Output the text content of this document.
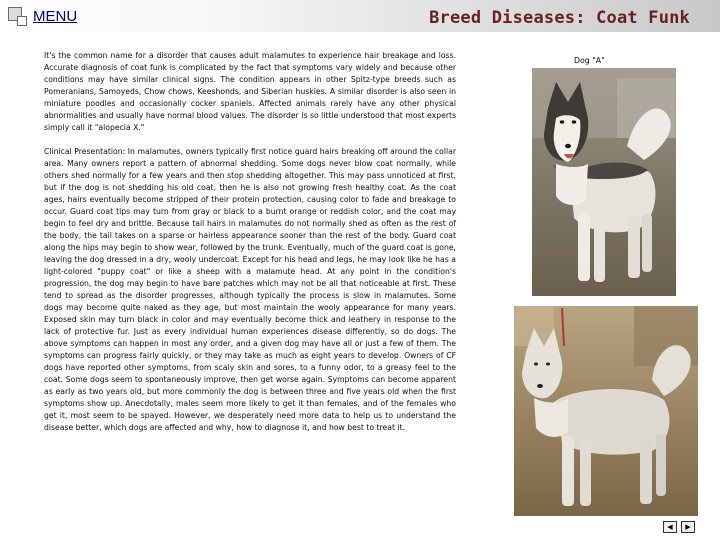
MENU	Breed Diseases: Coat Funk

It's the common name for a disorder that causes adult malamutes to experience hair breakage and loss. Accurate diagnosis of coat funk is complicated by the fact that symptoms vary widely and because other conditions may have similar clinical signs. The condition appears in other Spitz-type breeds such as Pomeranians, Samoyeds, Chow chows, Keeshonds, and Siberian huskies. A similar disorder is also seen in miniature poodles and occasionally cocker spaniels. Affected animals rarely have any other physical abnormalities and usually have normal blood values. The disorder is so little understood that most experts simply call it "alopecia X."

Clinical Presentation: In malamutes, owners typically first notice guard hairs breaking off around the collar area. Many owners report a pattern of abnormal shedding. Some dogs never blow coat normally, while others shed normally for a few years and then stop shedding altogether. This may pass unnoticed at first, but if the dog is not shedding his old coat, then he is also not growing fresh healthy coat. As the coat ages, hairs eventually become stripped of their protein protection, causing color to fade and breakage to occur. Guard coat tips may turn from gray or black to a burnt orange or reddish color, and the coat may begin to feel dry and brittle. Because tail hairs in malamutes do not normally shed as often as the rest of the body, the tail takes on a sparse or hairless appearance sooner than the rest of the body. Guard coat along the hips may begin to show wear, followed by the trunk. Eventually, much of the guard coat is gone, leaving the dog dressed in a dry, wooly undercoat. Except for his head and legs, he may look like he has a light-colored "puppy coat" or like a sheep with a malamute head. At any point in the condition's progression, the dog may begin to have bare patches which may not be all that noticeable at first. These tend to spread as the disorder progresses, although typically the process is slow in malamutes. Some dogs may become quite naked as they age, but most maintain the wooly appearance for many years. Exposed skin may turn black in color and may eventually become thick and leathery in response to the lack of protective fur. Just as every individual human experiences disease differently, so do dogs. The above symptoms can happen in most any order, and a given dog may have all or just a few of them. The symptoms can progress fairly quickly, or they may take as much as eight years to develop. Owners of CF dogs have reported other symptoms, from scaly skin and sores, to a funny odor, to a greasy feel to the coat. Some dogs seem to spontaneously improve, then get worse again. Symptoms can become apparent as early as two years old, but more commonly the dog is between three and five years old when the first symptoms show up. Anecdotally, males seem more likely to get it than females, and of the females who get it, most seem to be spayed. However, we desperately need more data to help us to understand the disease better, which dogs are affected and why, how to diagnose it, and how best to treat it.

Dog "A"
◀ ▶
